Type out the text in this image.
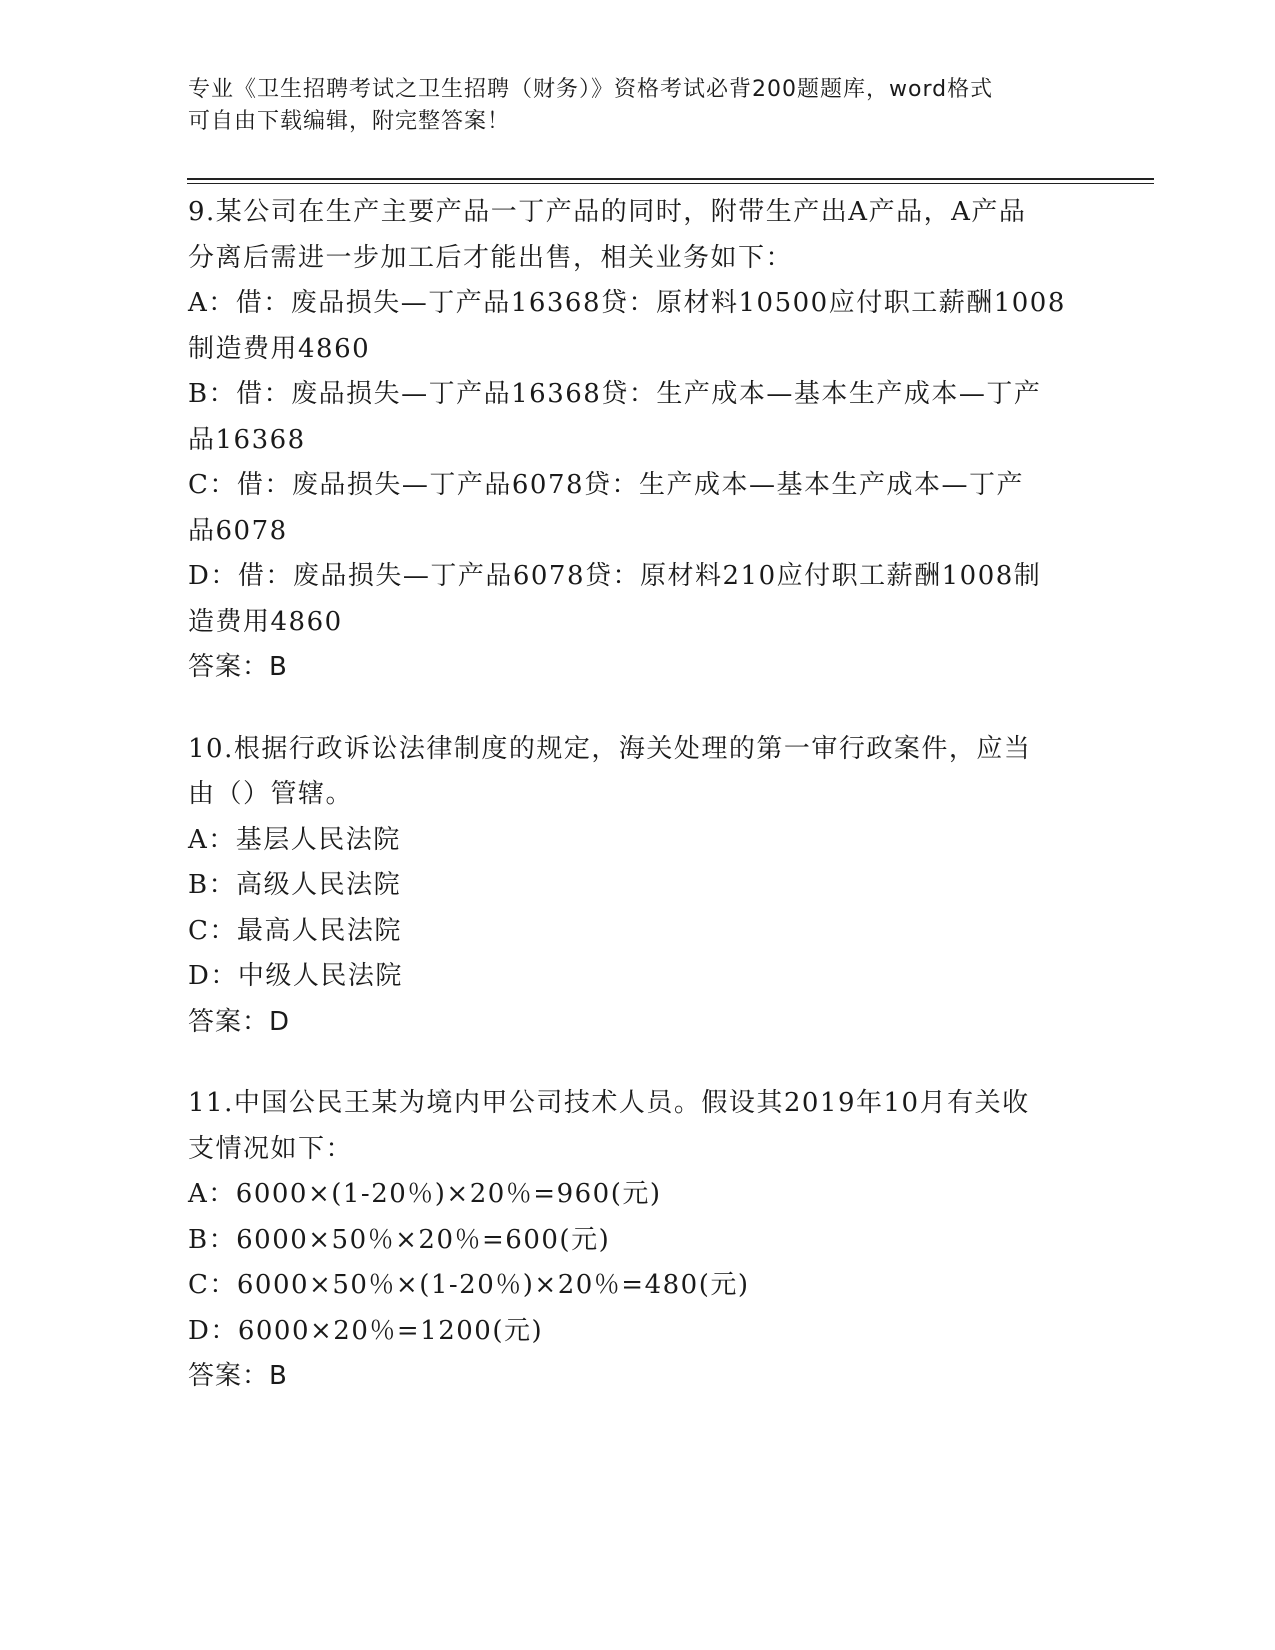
专业《卫生招聘考试之卫生招聘（财务）》资格考试必背200题题库，word格式
可自由下载编辑，附完整答案！
9.某公司在生产主要产品一丁产品的同时，附带生产出A产品，A产品
分离后需进一步加工后才能出售，相关业务如下：
A：借：废品损失—丁产品16368贷：原材料10500应付职工薪酬1008
制造费用4860
B：借：废品损失—丁产品16368贷：生产成本—基本生产成本—丁产
品16368
C：借：废品损失—丁产品6078贷：生产成本—基本生产成本—丁产
品6078
D：借：废品损失—丁产品6078贷：原材料210应付职工薪酬1008制
造费用4860
答案：B
10.根据行政诉讼法律制度的规定，海关处理的第一审行政案件，应当
由（）管辖。
A：基层人民法院
B：高级人民法院
C：最高人民法院
D：中级人民法院
答案：D
11.中国公民王某为境内甲公司技术人员。假设其2019年10月有关收
支情况如下：
A：6000×(1-20％)×20％=960(元)
B：6000×50％×20％=600(元)
C：6000×50％×(1-20％)×20％=480(元)
D：6000×20％=1200(元)
答案：B
